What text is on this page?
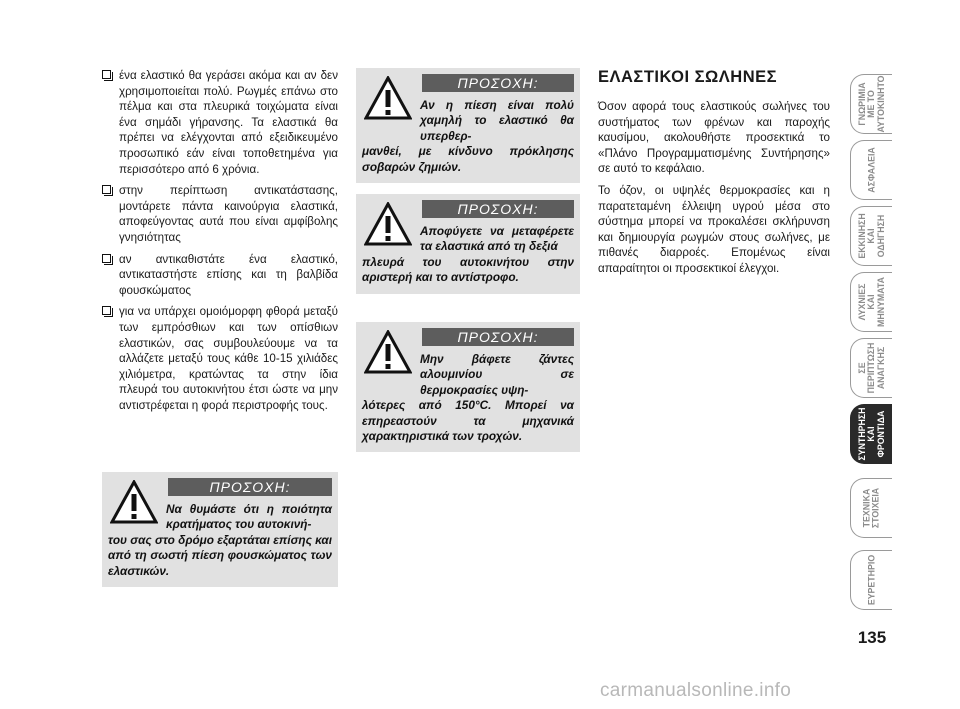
ένα ελαστικό θα γεράσει ακόμα και αν δεν χρησιμοποιείται πολύ. Ρωγμές επάνω στο πέλμα και στα πλευρικά τοιχώματα είναι ένα σημάδι γήρανσης. Τα ελαστικά θα πρέπει να ελέγχονται από εξειδικευμένο προσωπικό εάν είναι τοποθετημένα για περισσότερο από 6 χρόνια.

στην περίπτωση αντικατάστασης, μοντάρετε πάντα καινούργια ελαστικά, αποφεύγοντας αυτά που είναι αμφίβολης γνησιότητας

αν αντικαθιστάτε ένα ελαστικό, αντικαταστήστε επίσης και τη βαλβίδα φουσκώματος

για να υπάρχει ομοιόμορφη φθορά μεταξύ των εμπρόσθιων και των οπίσθιων ελαστικών, σας συμβουλεύουμε να τα αλλάζετε μεταξύ τους κάθε 10-15 χιλιάδες χιλιόμετρα, κρατώντας τα στην ίδια πλευρά του αυτοκινήτου έτσι ώστε να μην αντιστρέφεται η φορά περιστροφής τους.

ΠΡΟΣΟΧΗ:
Να θυμάστε ότι η ποιότητα κρατήματος του αυτοκινή-
του σας στο δρόμο εξαρτάται επίσης και από τη σωστή πίεση φουσκώματος των ελαστικών.
ΠΡΟΣΟΧΗ:
Αν η πίεση είναι πολύ χαμηλή το ελαστικό θα υπερθερ-
μανθεί, με κίνδυνο πρόκλησης σοβαρών ζημιών.
ΠΡΟΣΟΧΗ:
Αποφύγετε να μεταφέρετε τα ελαστικά από τη δεξιά
πλευρά του αυτοκινήτου στην αριστερή και το αντίστροφο.
ΠΡΟΣΟΧΗ:
Μην βάφετε ζάντες αλουμινίου σε θερμοκρασίες υψη-
λότερες από 150°C. Μπορεί να επηρεαστούν τα μηχανικά χαρακτηριστικά των τροχών.
ΕΛΑΣΤΙΚΟΙ ΣΩΛΗΝΕΣ

Όσον αφορά τους ελαστικούς σωλήνες του συστήματος των φρένων και παροχής καυσίμου, ακολουθήστε προσεκτικά το «Πλάνο Προγραμματισμένης Συντήρησης» σε αυτό το κεφάλαιο.

Το όζον, οι υψηλές θερμοκρασίες και η παρατεταμένη έλλειψη υγρού μέσα στο σύστημα μπορεί να προκαλέσει σκλήρυνση και δημιουργία ρωγμών στους σωλήνες, με πιθανές διαρροές. Επομένως είναι απαραίτητοι οι προσεκτικοί έλεγχοι.

ΓΝΩΡΙΜΙΑ
ΜΕ ΤΟ
ΑΥΤΟΚΙΝΗΤΟ
ΑΣΦΑΛΕΙΑ
ΕΚΚΙΝΗΣΗ
ΚΑΙ
ΟΔΗΓΗΣΗ
ΛΥΧΝΙΕΣ
ΚΑΙ
ΜΗΝΥΜΑΤΑ
ΣΕ
ΠΕΡΙΠΤΩΣΗ
ΑΝΑΓΚΗΣ
ΣΥΝΤΗΡΗΣΗ
ΚΑΙ
ΦΡΟΝΤΙΔΑ
ΤΕΧΝΙΚΑ
ΣΤΟΙΧΕΙΑ
ΕΥΡΕΤΗΡΙΟ
135
carmanualsonline.info
